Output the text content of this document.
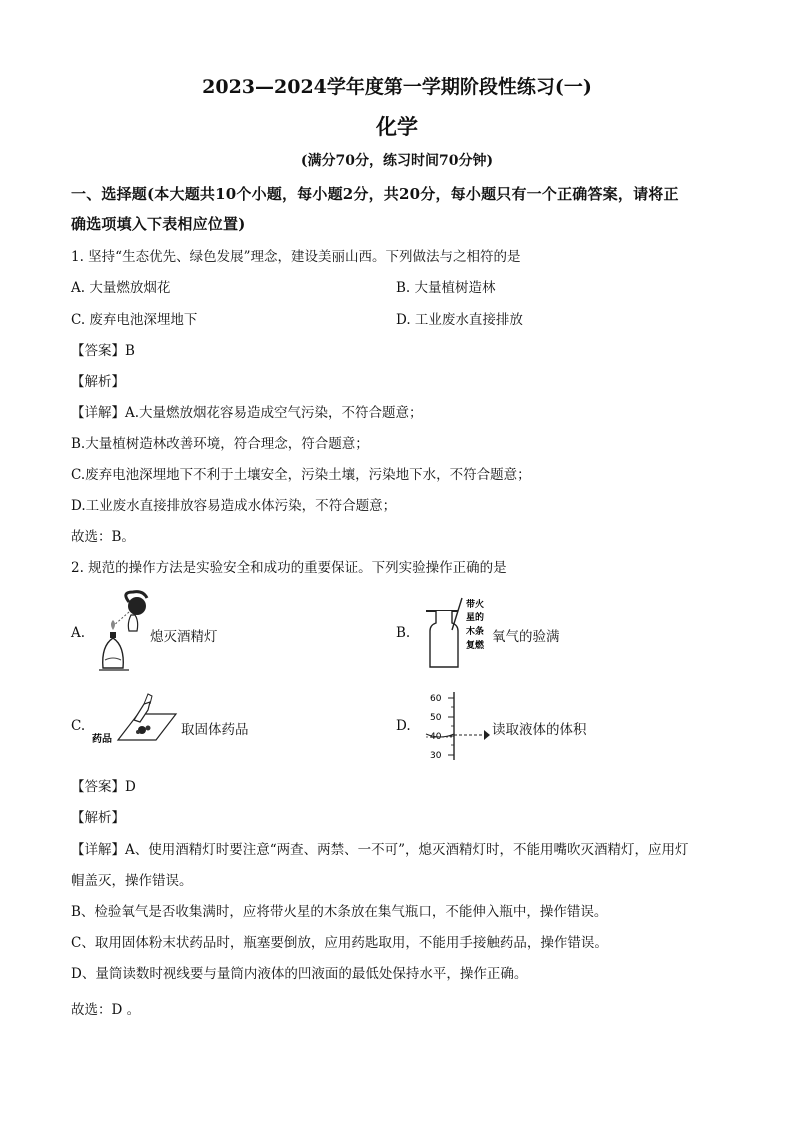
2023—2024学年度第一学期阶段性练习(一)
化学
(满分70分，练习时间70分钟)
一、选择题(本大题共10个小题，每小题2分，共20分，每小题只有一个正确答案，请将正
确选项填入下表相应位置)
1. 坚持“生态优先、绿色发展”理念，建设美丽山西。下列做法与之相符的是
A. 大量燃放烟花	B. 大量植树造林
C. 废弃电池深埋地下	D. 工业废水直接排放
【答案】B
【解析】
【详解】A.大量燃放烟花容易造成空气污染，不符合题意；
B.大量植树造林改善环境，符合理念，符合题意；
C.废弃电池深埋地下不利于土壤安全，污染土壤，污染地下水，不符合题意；
D.工业废水直接排放容易造成水体污染，不符合题意；
故选：B。
2. 规范的操作方法是实验安全和成功的重要保证。下列实验操作正确的是
A.	熄灭酒精灯	B.
带火
星的
木条
复燃
氧气的验满
C.
药品
取固体药品	D.
60
50
40
30
读取液体的体积
【答案】D
【解析】
【详解】A、使用酒精灯时要注意“两查、两禁、一不可”，熄灭酒精灯时，不能用嘴吹灭酒精灯，应用灯
帽盖灭，操作错误。
B、检验氧气是否收集满时，应将带火星的木条放在集气瓶口，不能伸入瓶中，操作错误。
C、取用固体粉末状药品时，瓶塞要倒放，应用药匙取用，不能用手接触药品，操作错误。
D、量筒读数时视线要与量筒内液体的凹液面的最低处保持水平，操作正确。
故选：D 。
